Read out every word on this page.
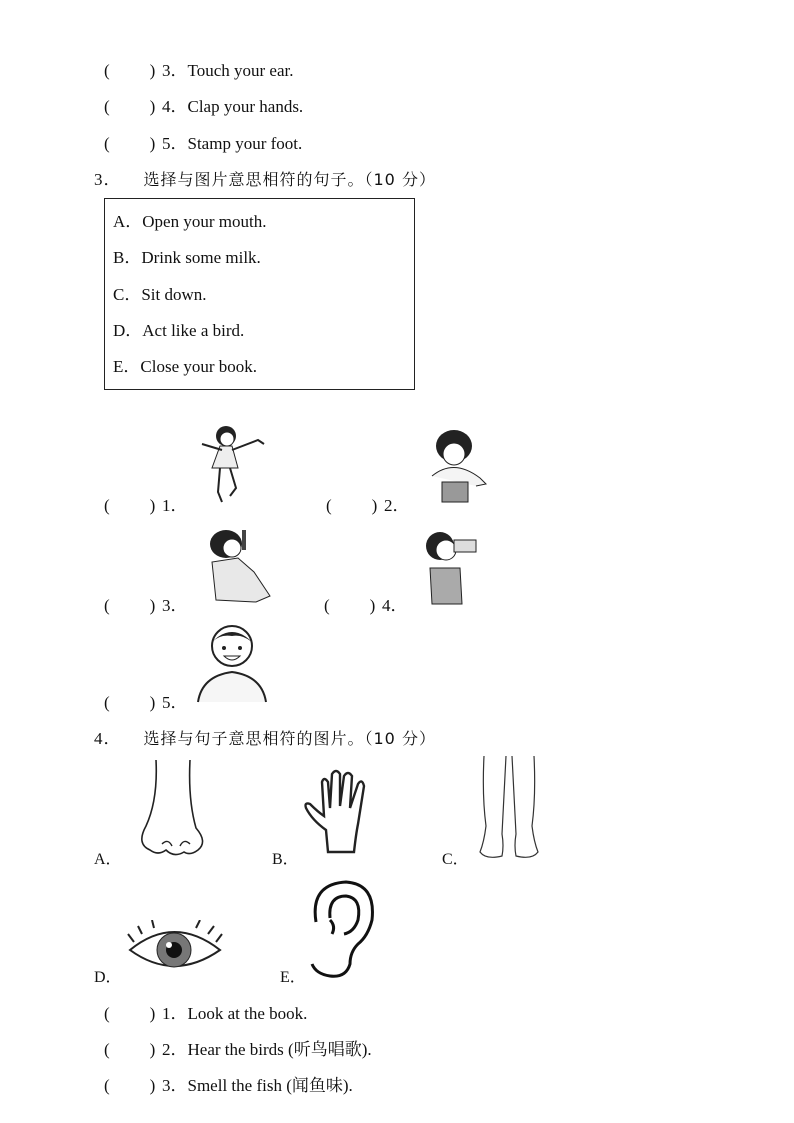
( ) 3．Touch your ear.
( ) 4．Clap your hands.
( ) 5．Stamp your foot.
3． 选择与图片意思相符的句子。（10 分）
A．Open your mouth.
B．Drink some milk.
C．Sit down.
D．Act like a bird.
E．Close your book.
( ) 1．	( ) 2．
( ) 3．	( ) 4．
( ) 5．
4． 选择与句子意思相符的图片。（10 分）
A．	B．	C．
D．	E．
( ) 1．Look at the book.
( ) 2．Hear the birds (听鸟唱歌).
( ) 3．Smell the fish (闻鱼味).
